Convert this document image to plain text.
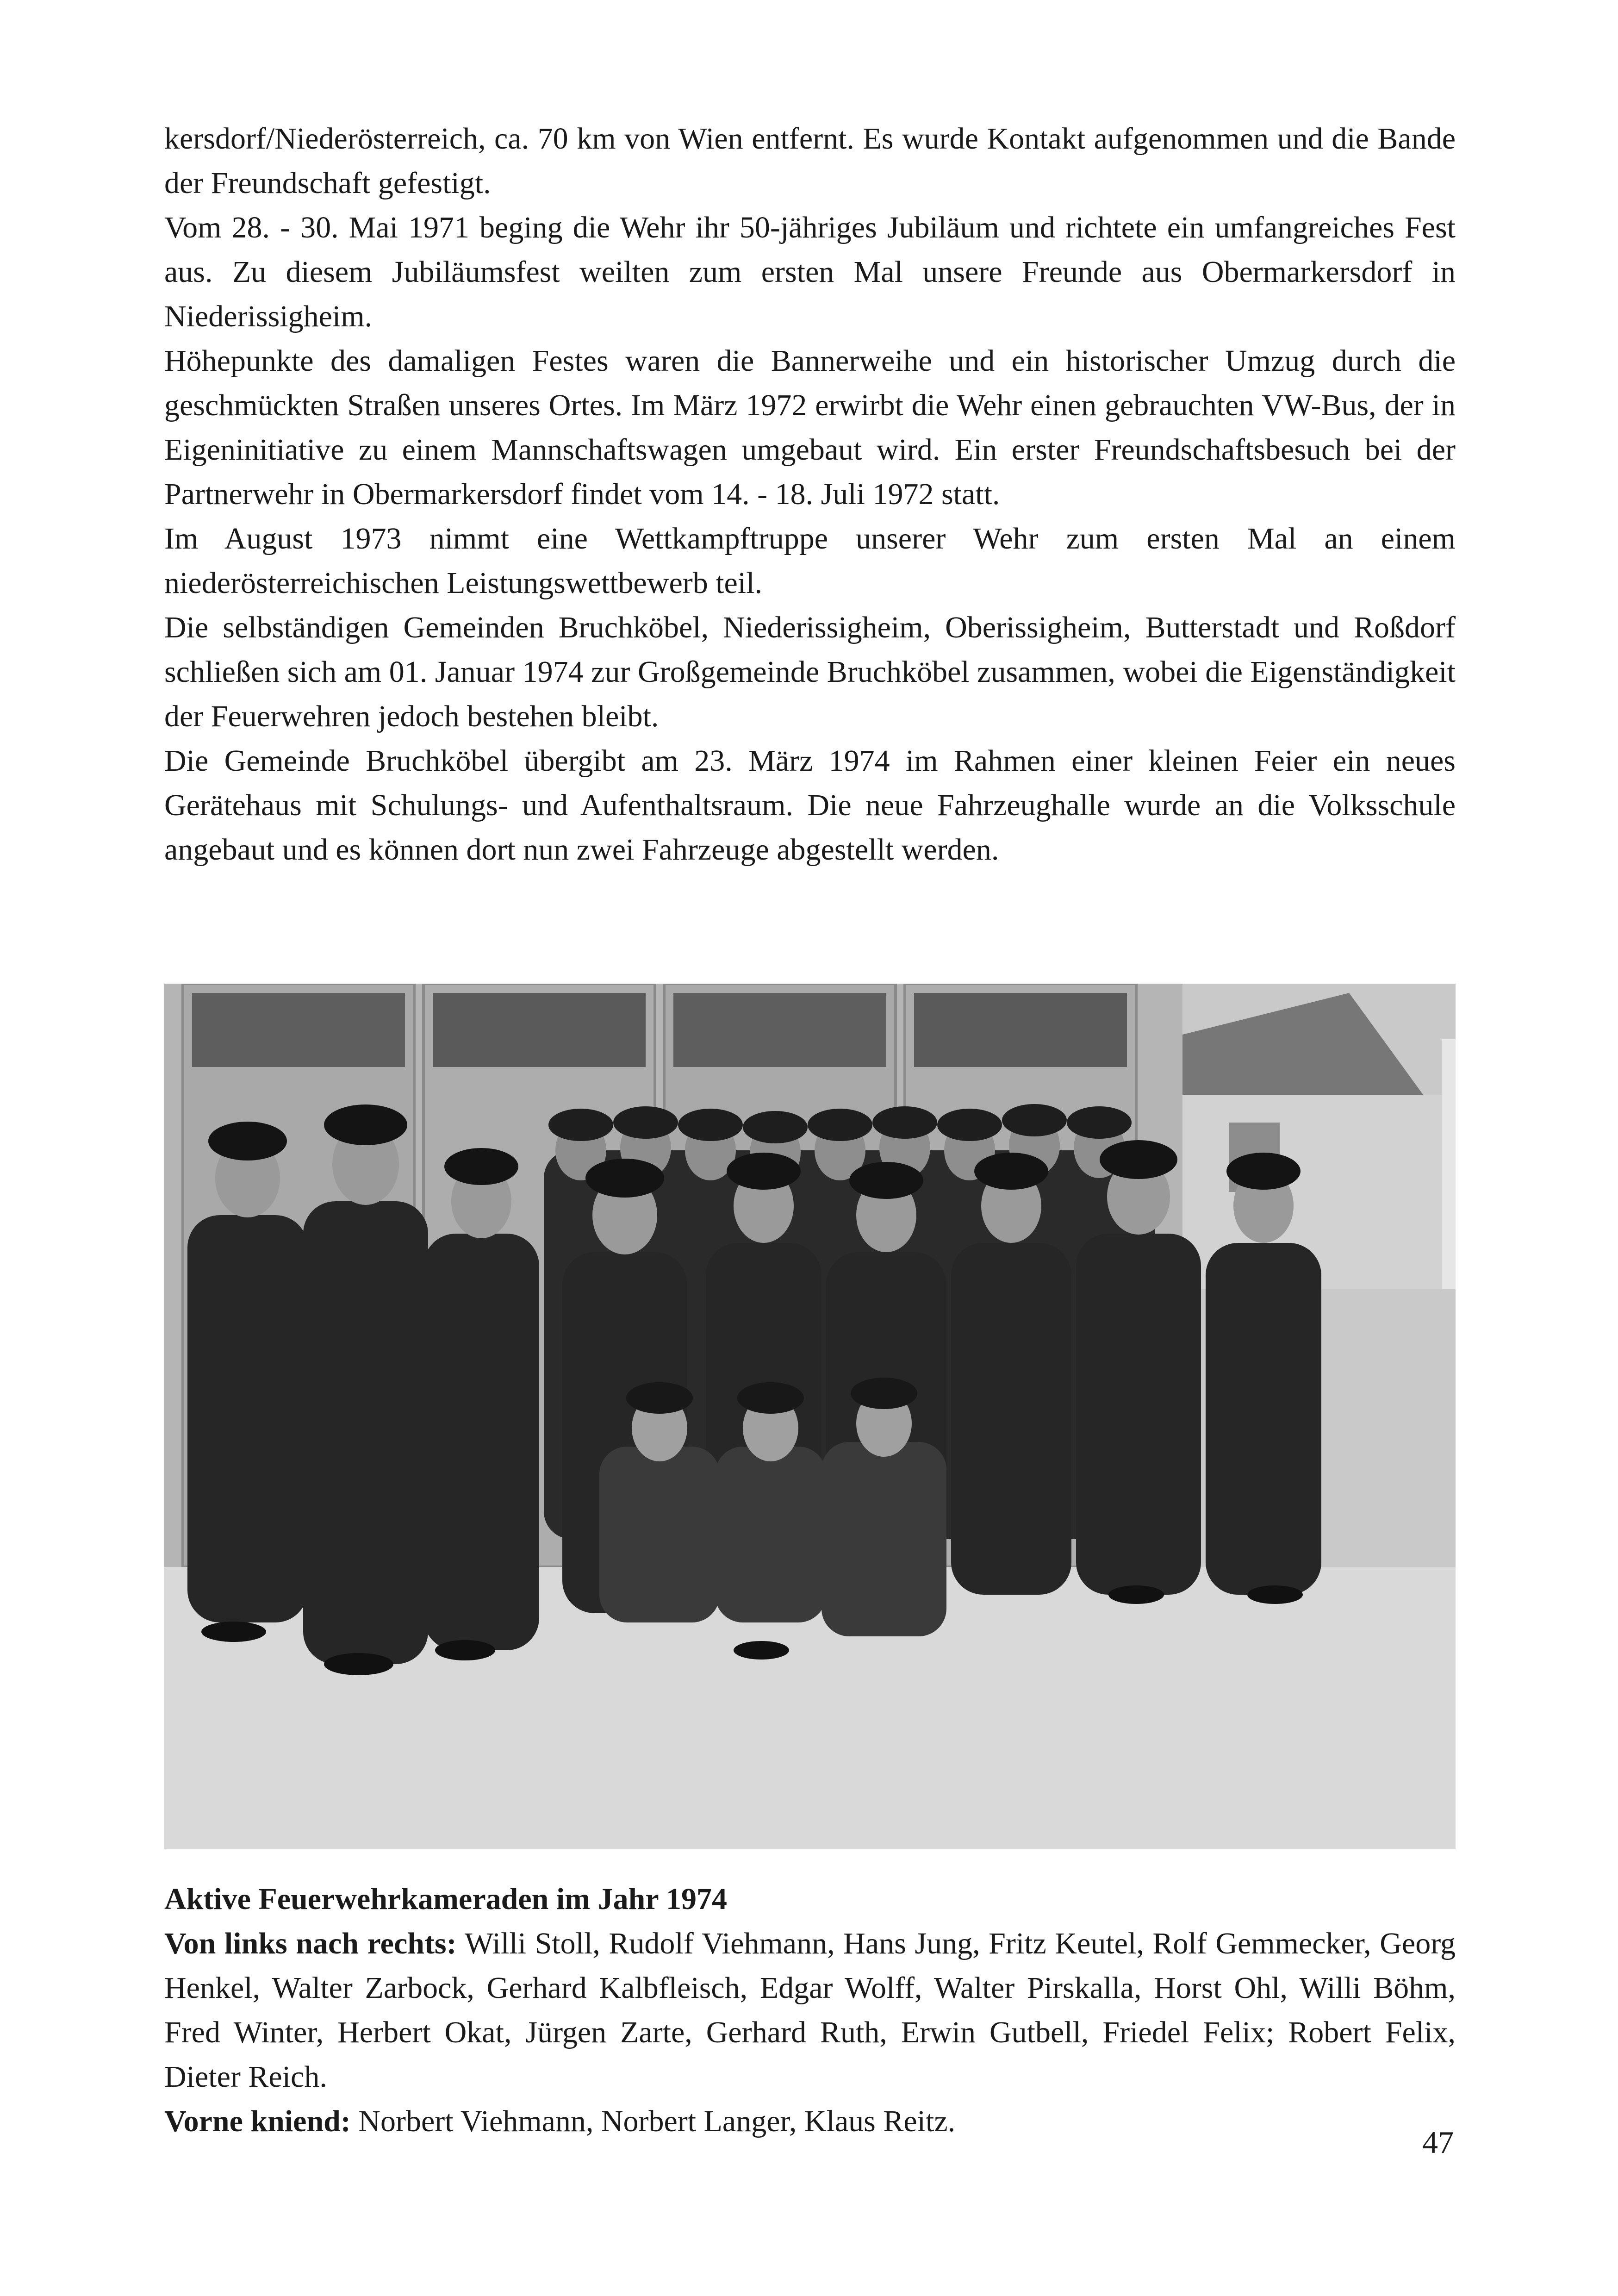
kersdorf/Niederösterreich, ca. 70 km von Wien entfernt. Es wurde Kontakt aufgenommen und die Bande der Freundschaft gefestigt.

Vom 28. - 30. Mai 1971 beging die Wehr ihr 50-jähriges Jubiläum und richtete ein umfangreiches Fest aus. Zu diesem Jubiläumsfest weilten zum ersten Mal unsere Freunde aus Obermarkersdorf in Niederissigheim.

Höhepunkte des damaligen Festes waren die Bannerweihe und ein historischer Umzug durch die geschmückten Straßen unseres Ortes. Im März 1972 erwirbt die Wehr einen gebrauchten VW-Bus, der in Eigeninitiative zu einem Mannschaftswagen umgebaut wird. Ein erster Freundschaftsbesuch bei der Partnerwehr in Obermarkersdorf findet vom 14. - 18. Juli 1972 statt.

Im August 1973 nimmt eine Wettkampftruppe unserer Wehr zum ersten Mal an einem niederösterreichischen Leistungswettbewerb teil.

Die selbständigen Gemeinden Bruchköbel, Niederissigheim, Oberissigheim, Butterstadt und Roßdorf schließen sich am 01. Januar 1974 zur Großgemeinde Bruchköbel zusammen, wobei die Eigenständigkeit der Feuerwehren jedoch bestehen bleibt.

Die Gemeinde Bruchköbel übergibt am 23. März 1974 im Rahmen einer kleinen Feier ein neues Gerätehaus mit Schulungs- und Aufenthaltsraum. Die neue Fahrzeughalle wurde an die Volksschule angebaut und es können dort nun zwei Fahrzeuge abgestellt werden.

Aktive Feuerwehrkameraden im Jahr 1974

Von links nach rechts: Willi Stoll, Rudolf Viehmann, Hans Jung, Fritz Keutel, Rolf Gemmecker, Georg Henkel, Walter Zarbock, Gerhard Kalbfleisch, Edgar Wolff, Walter Pirskalla, Horst Ohl, Willi Böhm, Fred Winter, Herbert Okat, Jürgen Zarte, Gerhard Ruth, Erwin Gutbell, Friedel Felix; Robert Felix, Dieter Reich.

Vorne kniend: Norbert Viehmann, Norbert Langer, Klaus Reitz.

47
